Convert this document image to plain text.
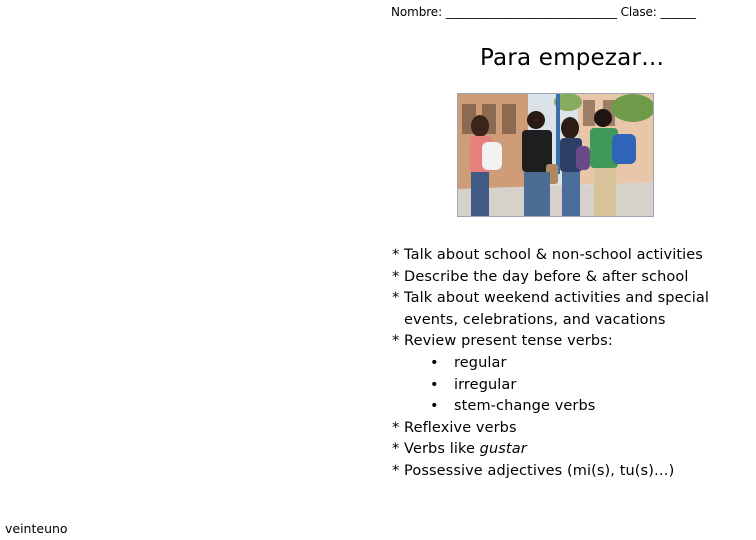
Nombre: _____________________________ Clase: ______
Para empezar…
* Talk about school & non-school activities
* Describe the day before & after school
* Talk about weekend activities and special
events, celebrations, and vacations
* Review present tense verbs:
• regular
• irregular
• stem-change verbs
* Reflexive verbs
* Verbs like gustar
* Possessive adjectives (mi(s), tu(s)…)
veinteuno
